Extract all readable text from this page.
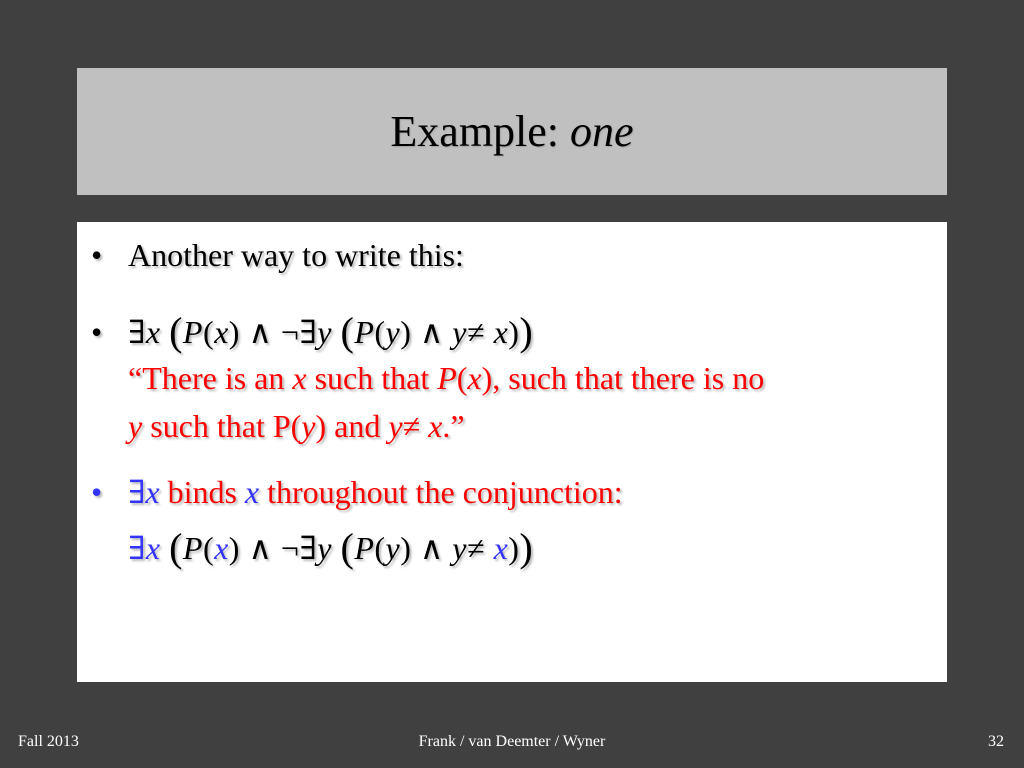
Example: one
• Another way to write this:
• ∃x (P(x) ∧ ¬∃y (P(y) ∧ y≠ x))
“There is an x such that P(x), such that there is no
y such that P(y) and y≠ x.”
• ∃x binds x throughout the conjunction:
∃x (P(x) ∧ ¬∃y (P(y) ∧ y≠ x))
Fall 2013	Frank / van Deemter / Wyner	32
